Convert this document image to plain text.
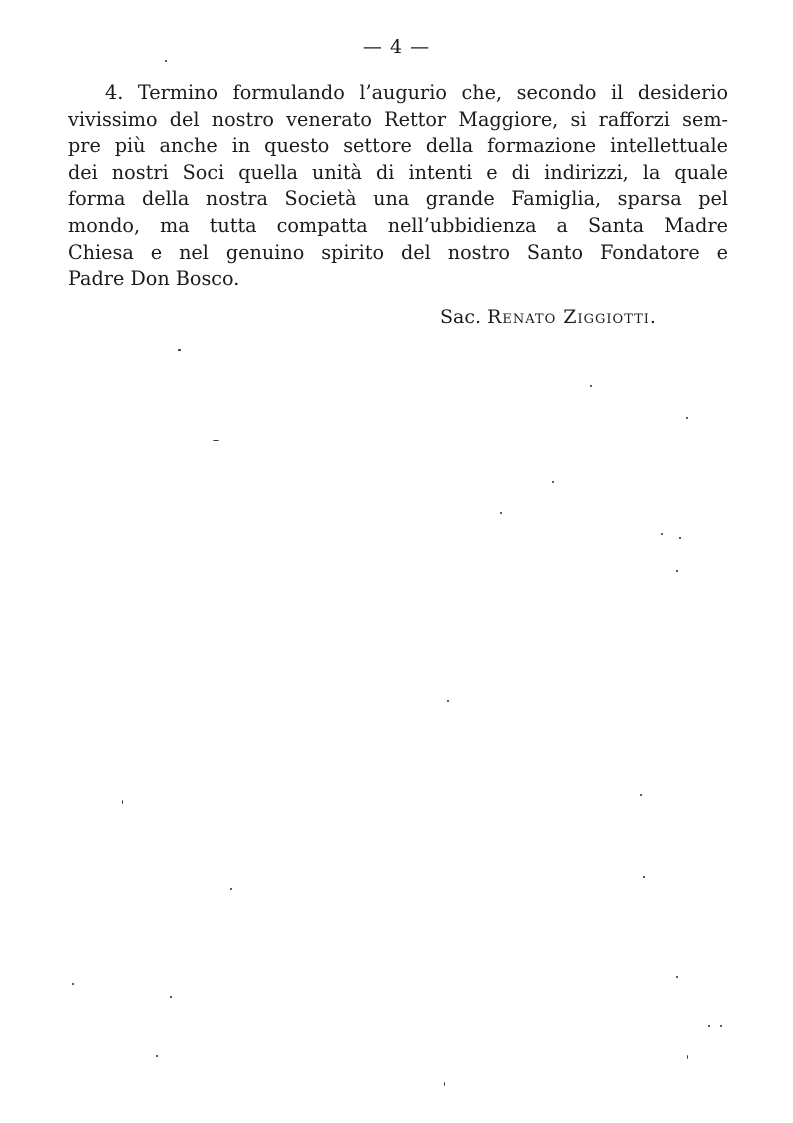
— 4 —
4. Termino formulando l’augurio che, secondo il desiderio
vivissimo del nostro venerato Rettor Maggiore, si rafforzi sem-
pre più anche in questo settore della formazione intellettuale
dei nostri Soci quella unità di intenti e di indirizzi, la quale
forma della nostra Società una grande Famiglia, sparsa pel
mondo, ma tutta compatta nell’ubbidienza a Santa Madre
Chiesa e nel genuino spirito del nostro Santo Fondatore e
Padre Don Bosco.
Sac. Renato Ziggiotti.
